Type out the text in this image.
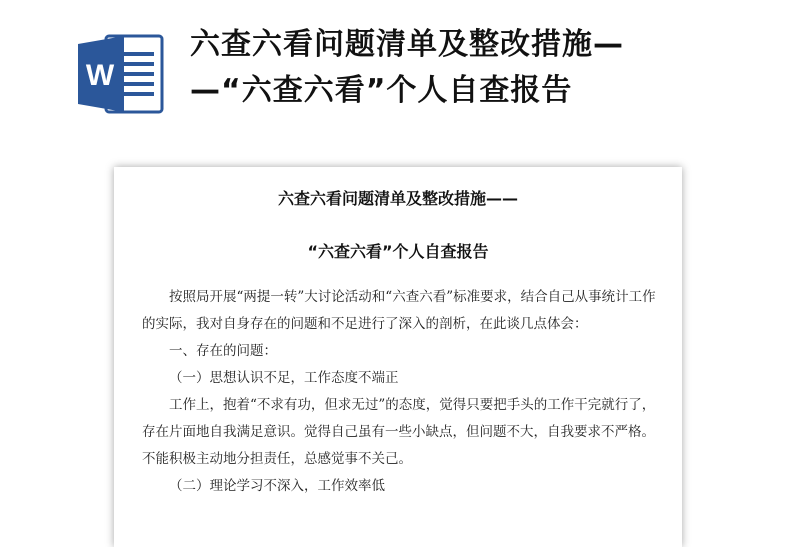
W
六查六看问题清单及整改措施—
—“六查六看”个人自查报告
六查六看问题清单及整改措施——
“六查六看”个人自查报告

按照局开展“两提一转”大讨论活动和“六查六看”标准要求，结合自己从事统计工作的实际，我对自身存在的问题和不足进行了深入的剖析，在此谈几点体会：

一、存在的问题：

（一）思想认识不足，工作态度不端正

工作上，抱着“不求有功，但求无过”的态度，觉得只要把手头的工作干完就行了，存在片面地自我满足意识。觉得自己虽有一些小缺点，但问题不大，自我要求不严格。不能积极主动地分担责任，总感觉事不关己。

（二）理论学习不深入，工作效率低
